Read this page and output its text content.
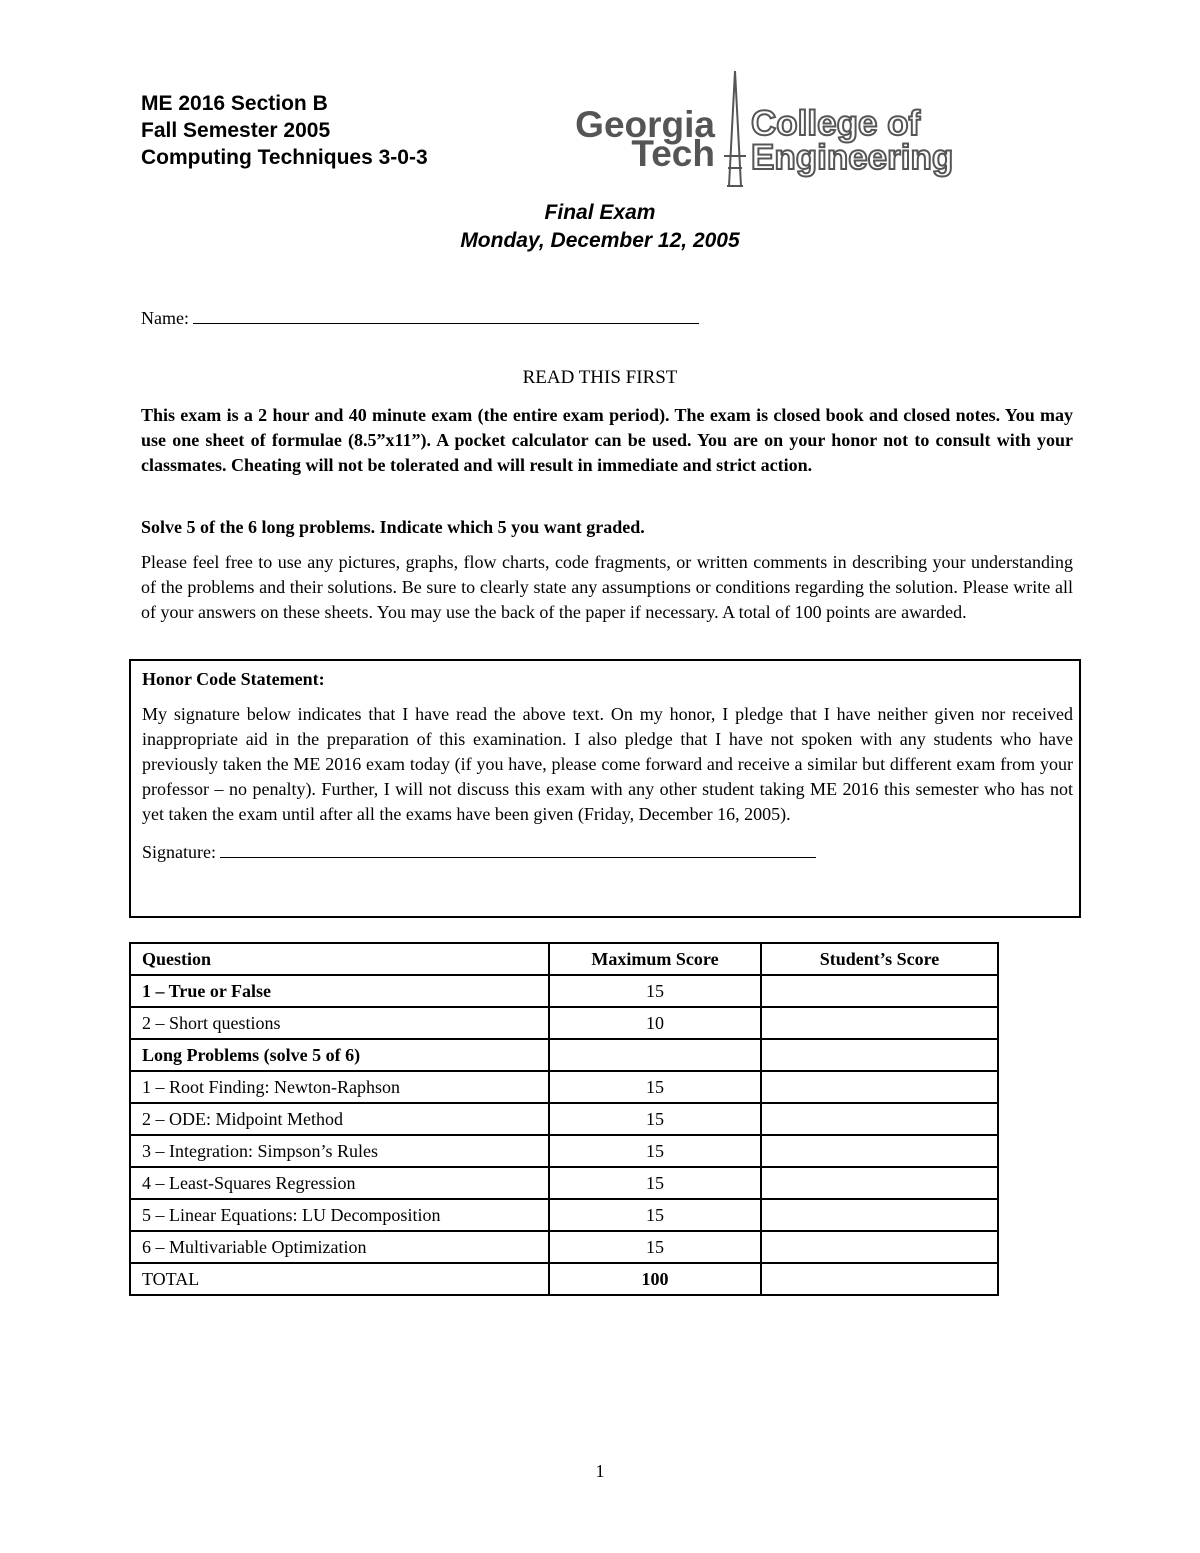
ME 2016 Section B
Fall Semester 2005
Computing Techniques 3-0-3
Georgia
Tech
College of
Engineering
Final Exam
Monday, December 12, 2005
Name:
READ THIS FIRST

This exam is a 2 hour and 40 minute exam (the entire exam period). The exam is closed book and closed notes. You may use one sheet of formulae (8.5”x11”). A pocket calculator can be used. You are on your honor not to consult with your classmates. Cheating will not be tolerated and will result in immediate and strict action.

Solve 5 of the 6 long problems. Indicate which 5 you want graded.

Please feel free to use any pictures, graphs, flow charts, code fragments, or written comments in describing your understanding of the problems and their solutions. Be sure to clearly state any assumptions or conditions regarding the solution. Please write all of your answers on these sheets. You may use the back of the paper if necessary. A total of 100 points are awarded.

Honor Code Statement:

My signature below indicates that I have read the above text. On my honor, I pledge that I have neither given nor received inappropriate aid in the preparation of this examination. I also pledge that I have not spoken with any students who have previously taken the ME 2016 exam today (if you have, please come forward and receive a similar but different exam from your professor – no penalty). Further, I will not discuss this exam with any other student taking ME 2016 this semester who has not yet taken the exam until after all the exams have been given (Friday, December 16, 2005).

Signature:
Question	Maximum Score	Student’s Score
1 – True or False	15	
2 – Short questions	10	
Long Problems (solve 5 of 6)		
1 – Root Finding: Newton-Raphson	15	
2 – ODE: Midpoint Method	15	
3 – Integration: Simpson’s Rules	15	
4 – Least-Squares Regression	15	
5 – Linear Equations: LU Decomposition	15	
6 – Multivariable Optimization	15	
TOTAL	100	
1
